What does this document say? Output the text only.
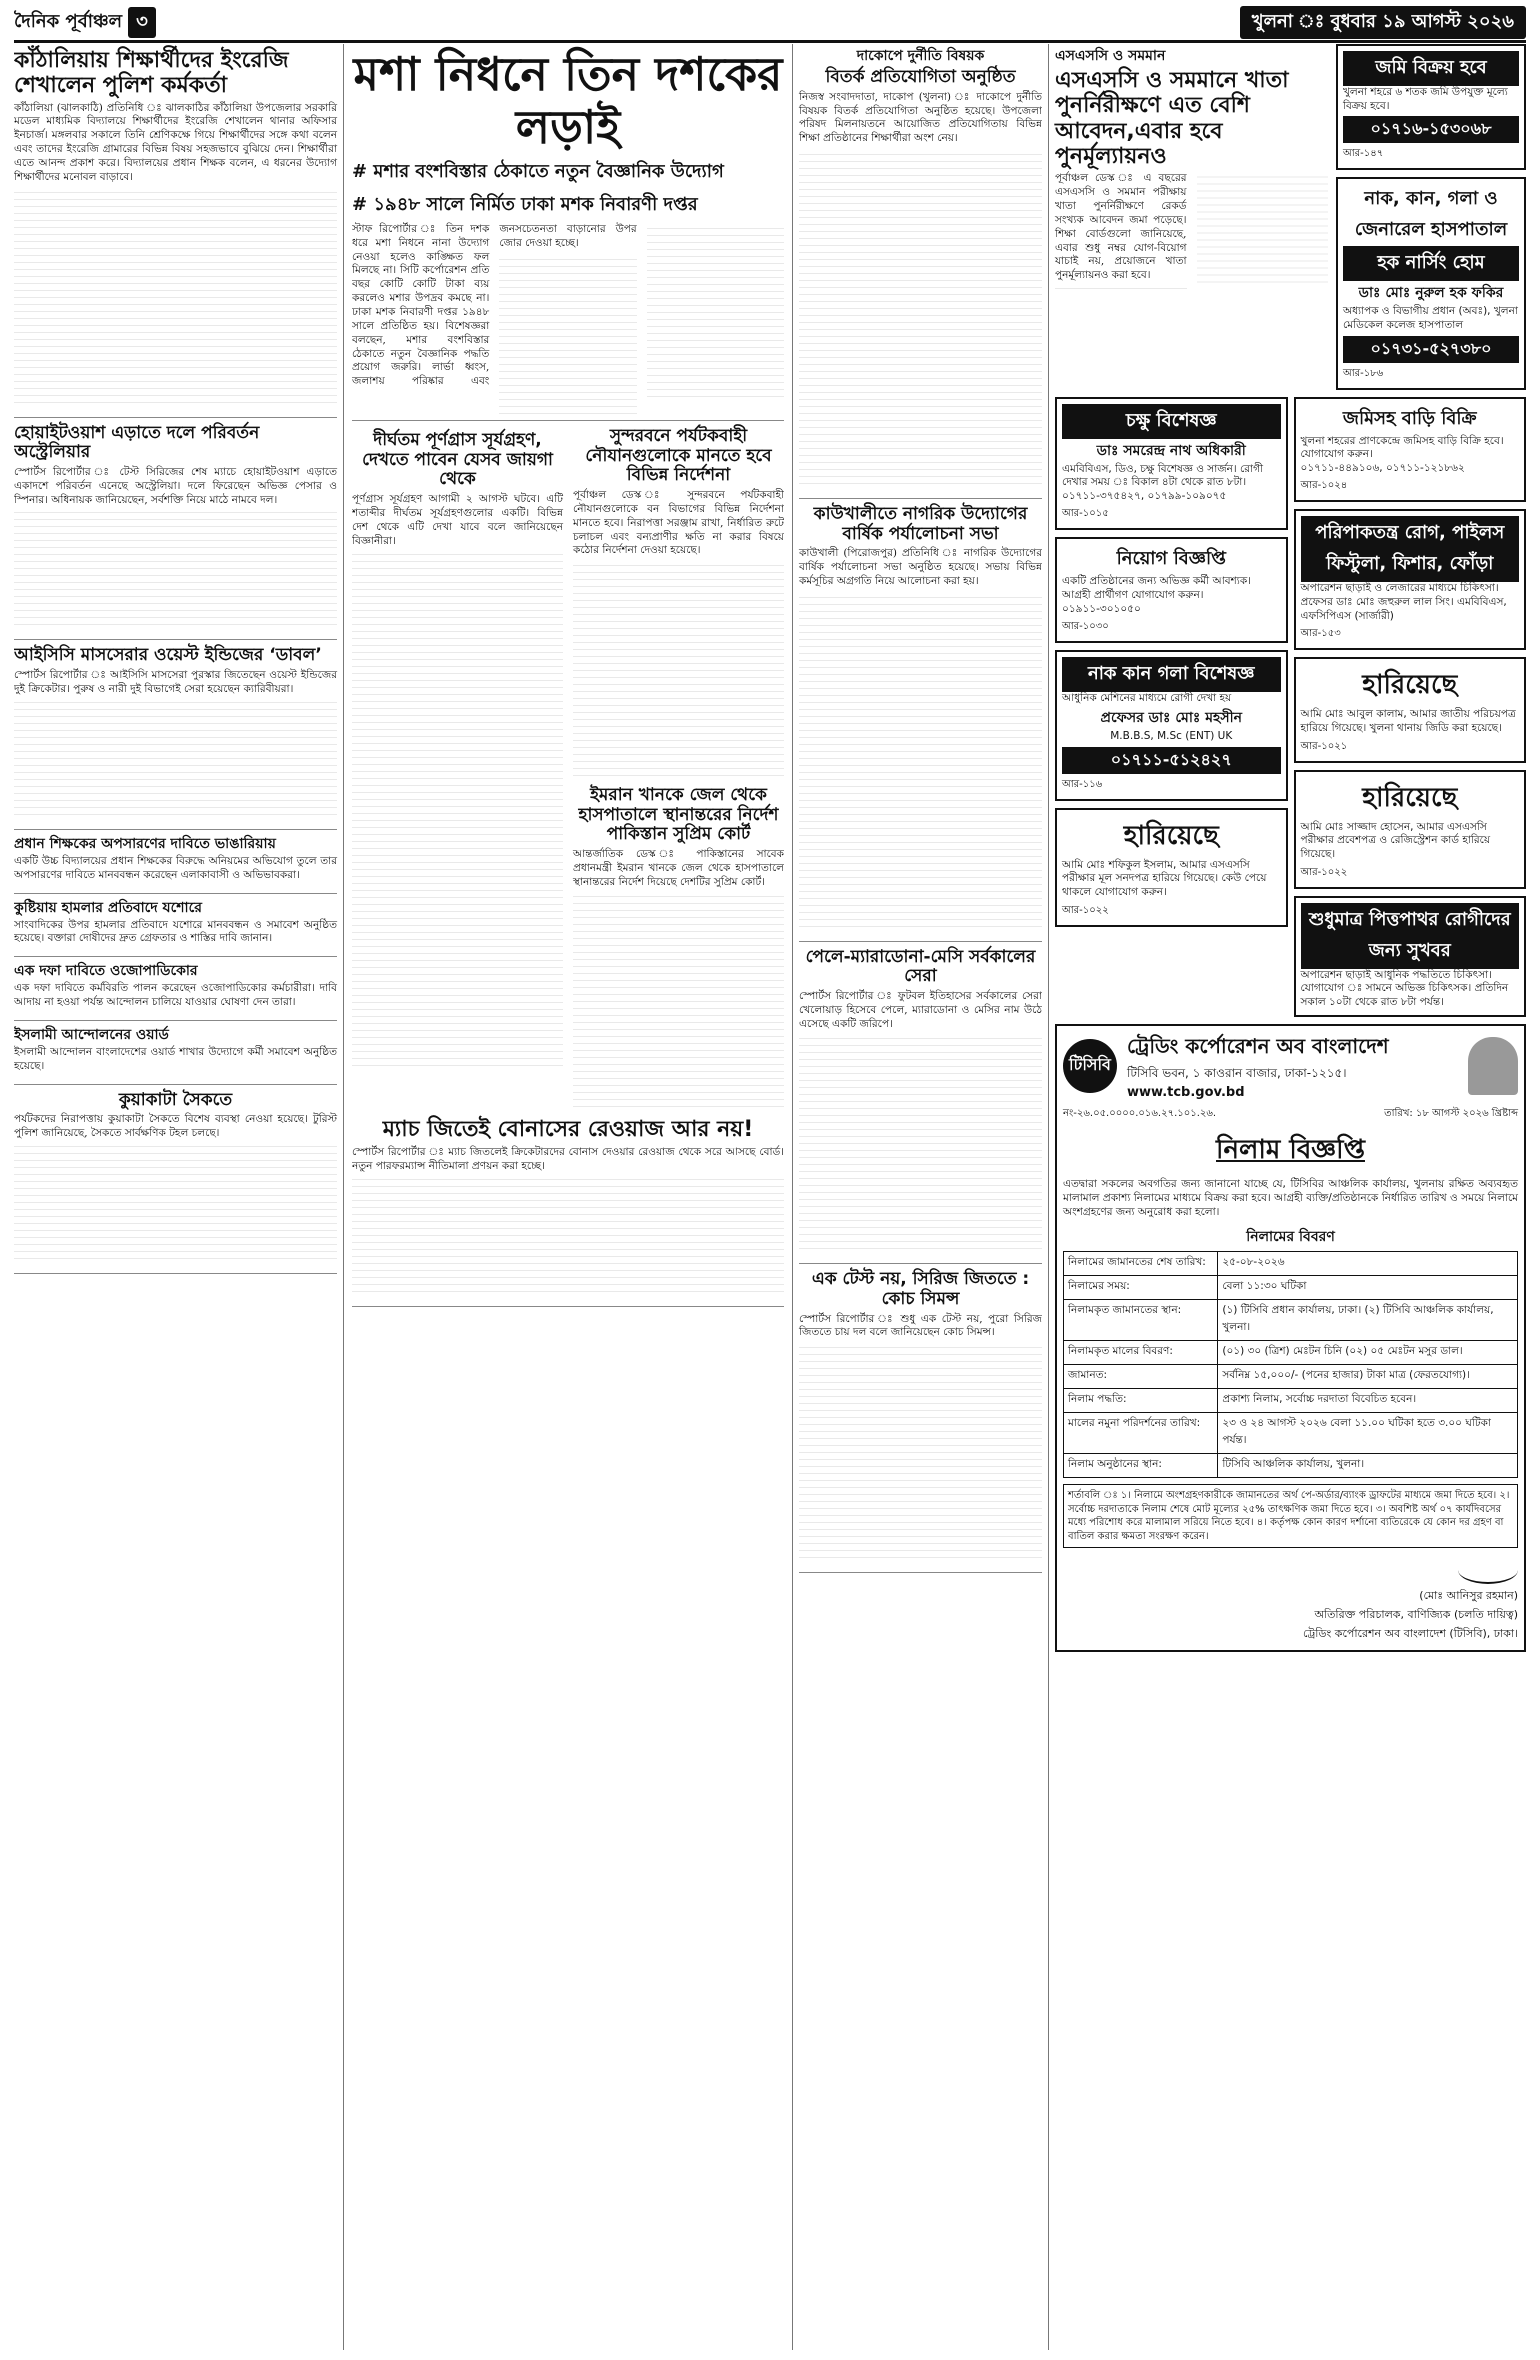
দৈনিক পূর্বাঞ্চল ৩	খুলনা ঃ বুধবার ১৯ আগস্ট ২০২৬
কাঁঠালিয়ায় শিক্ষার্থীদের ইংরেজি শেখালেন পুলিশ কর্মকর্তা

কাঁঠালিয়া (ঝালকাঠি) প্রতিনিধি ঃ ঝালকাঠির কাঁঠালিয়া উপজেলার সরকারি মডেল মাধ্যমিক বিদ্যালয়ে শিক্ষার্থীদের ইংরেজি শেখালেন থানার অফিসার ইনচার্জ। মঙ্গলবার সকালে তিনি শ্রেণিকক্ষে গিয়ে শিক্ষার্থীদের সঙ্গে কথা বলেন এবং তাদের ইংরেজি গ্রামারের বিভিন্ন বিষয় সহজভাবে বুঝিয়ে দেন। শিক্ষার্থীরা এতে আনন্দ প্রকাশ করে। বিদ্যালয়ের প্রধান শিক্ষক বলেন, এ ধরনের উদ্যোগ শিক্ষার্থীদের মনোবল বাড়াবে।

হোয়াইটওয়াশ এড়াতে দলে পরিবর্তন অস্ট্রেলিয়ার

স্পোর্টস রিপোর্টার ঃ টেস্ট সিরিজের শেষ ম্যাচে হোয়াইটওয়াশ এড়াতে একাদশে পরিবর্তন এনেছে অস্ট্রেলিয়া। দলে ফিরেছেন অভিজ্ঞ পেসার ও স্পিনার। অধিনায়ক জানিয়েছেন, সর্বশক্তি নিয়ে মাঠে নামবে দল।

আইসিসি মাসসেরার ওয়েস্ট ইন্ডিজের ‘ডাবল’

স্পোর্টস রিপোর্টার ঃ আইসিসি মাসসেরা পুরস্কার জিতেছেন ওয়েস্ট ইন্ডিজের দুই ক্রিকেটার। পুরুষ ও নারী দুই বিভাগেই সেরা হয়েছেন ক্যারিবীয়রা।

প্রধান শিক্ষকের অপসারণের দাবিতে ভাঙারিয়ায়

একটি উচ্চ বিদ্যালয়ের প্রধান শিক্ষকের বিরুদ্ধে অনিয়মের অভিযোগ তুলে তার অপসারণের দাবিতে মানববন্ধন করেছেন এলাকাবাসী ও অভিভাবকরা।

কুষ্টিয়ায় হামলার প্রতিবাদে যশোরে

সাংবাদিকের উপর হামলার প্রতিবাদে যশোরে মানববন্ধন ও সমাবেশ অনুষ্ঠিত হয়েছে। বক্তারা দোষীদের দ্রুত গ্রেফতার ও শাস্তির দাবি জানান।

এক দফা দাবিতে ওজোপাডিকোর

এক দফা দাবিতে কর্মবিরতি পালন করেছেন ওজোপাডিকোর কর্মচারীরা। দাবি আদায় না হওয়া পর্যন্ত আন্দোলন চালিয়ে যাওয়ার ঘোষণা দেন তারা।

ইসলামী আন্দোলনের ওয়ার্ড

ইসলামী আন্দোলন বাংলাদেশের ওয়ার্ড শাখার উদ্যোগে কর্মী সমাবেশ অনুষ্ঠিত হয়েছে।

কুয়াকাটা সৈকতে

পর্যটকদের নিরাপত্তায় কুয়াকাটা সৈকতে বিশেষ ব্যবস্থা নেওয়া হয়েছে। টুরিস্ট পুলিশ জানিয়েছে, সৈকতে সার্বক্ষণিক টহল চলছে।

মশা নিধনে তিন দশকের লড়াই
# মশার বংশবিস্তার ঠেকাতে নতুন বৈজ্ঞানিক উদ্যোগ
# ১৯৪৮ সালে নির্মিত ঢাকা মশক নিবারণী দপ্তর

স্টাফ রিপোর্টার ঃ তিন দশক ধরে মশা নিধনে নানা উদ্যোগ নেওয়া হলেও কাঙ্ক্ষিত ফল মিলছে না। সিটি কর্পোরেশন প্রতি বছর কোটি কোটি টাকা ব্যয় করলেও মশার উপদ্রব কমছে না। ঢাকা মশক নিবারণী দপ্তর ১৯৪৮ সালে প্রতিষ্ঠিত হয়। বিশেষজ্ঞরা বলছেন, মশার বংশবিস্তার ঠেকাতে নতুন বৈজ্ঞানিক পদ্ধতি প্রয়োগ জরুরি। লার্ভা ধ্বংস, জলাশয় পরিষ্কার এবং জনসচেতনতা বাড়ানোর উপর জোর দেওয়া হচ্ছে।

দীর্ঘতম পূর্ণগ্রাস সূর্যগ্রহণ, দেখতে পাবেন যেসব জায়গা থেকে

পূর্ণগ্রাস সূর্যগ্রহণ আগামী ২ আগস্ট ঘটবে। এটি শতাব্দীর দীর্ঘতম সূর্যগ্রহণগুলোর একটি। বিভিন্ন দেশ থেকে এটি দেখা যাবে বলে জানিয়েছেন বিজ্ঞানীরা।

সুন্দরবনে পর্যটকবাহী নৌযানগুলোকে মানতে হবে বিভিন্ন নির্দেশনা

পূর্বাঞ্চল ডেস্ক ঃ সুন্দরবনে পর্যটকবাহী নৌযানগুলোকে বন বিভাগের বিভিন্ন নির্দেশনা মানতে হবে। নিরাপত্তা সরঞ্জাম রাখা, নির্ধারিত রুটে চলাচল এবং বন্যপ্রাণীর ক্ষতি না করার বিষয়ে কঠোর নির্দেশনা দেওয়া হয়েছে।

ইমরান খানকে জেল থেকে হাসপাতালে স্থানান্তরের নির্দেশ পাকিস্তান সুপ্রিম কোর্ট

আন্তর্জাতিক ডেস্ক ঃ পাকিস্তানের সাবেক প্রধানমন্ত্রী ইমরান খানকে জেল থেকে হাসপাতালে স্থানান্তরের নির্দেশ দিয়েছে দেশটির সুপ্রিম কোর্ট।

ম্যাচ জিতেই বোনাসের রেওয়াজ আর নয়!

স্পোর্টস রিপোর্টার ঃ ম্যাচ জিতলেই ক্রিকেটারদের বোনাস দেওয়ার রেওয়াজ থেকে সরে আসছে বোর্ড। নতুন পারফরম্যান্স নীতিমালা প্রণয়ন করা হচ্ছে।

দাকোপে দুর্নীতি বিষয়ক
বিতর্ক প্রতিযোগিতা অনুষ্ঠিত

নিজস্ব সংবাদদাতা, দাকোপ (খুলনা) ঃ দাকোপে দুর্নীতি বিষয়ক বিতর্ক প্রতিযোগিতা অনুষ্ঠিত হয়েছে। উপজেলা পরিষদ মিলনায়তনে আয়োজিত প্রতিযোগিতায় বিভিন্ন শিক্ষা প্রতিষ্ঠানের শিক্ষার্থীরা অংশ নেয়।

কাউখালীতে নাগরিক উদ্যোগের বার্ষিক পর্যালোচনা সভা

কাউখালী (পিরোজপুর) প্রতিনিধি ঃ নাগরিক উদ্যোগের বার্ষিক পর্যালোচনা সভা অনুষ্ঠিত হয়েছে। সভায় বিভিন্ন কর্মসূচির অগ্রগতি নিয়ে আলোচনা করা হয়।

পেলে-ম্যারাডোনা-মেসি সর্বকালের সেরা

স্পোর্টস রিপোর্টার ঃ ফুটবল ইতিহাসের সর্বকালের সেরা খেলোয়াড় হিসেবে পেলে, ম্যারাডোনা ও মেসির নাম উঠে এসেছে একটি জরিপে।

এক টেস্ট নয়, সিরিজ জিততে : কোচ সিমন্স

স্পোর্টস রিপোর্টার ঃ শুধু এক টেস্ট নয়, পুরো সিরিজ জিততে চায় দল বলে জানিয়েছেন কোচ সিমন্স।

এসএসসি ও সমমান
এসএসসি ও সমমানে খাতা পুনর্নিরীক্ষণে এত বেশি আবেদন,এবার হবে পুনর্মূল্যায়নও

পূর্বাঞ্চল ডেস্ক ঃ এ বছরের এসএসসি ও সমমান পরীক্ষায় খাতা পুনর্নিরীক্ষণে রেকর্ড সংখ্যক আবেদন জমা পড়েছে। শিক্ষা বোর্ডগুলো জানিয়েছে, এবার শুধু নম্বর যোগ-বিয়োগ যাচাই নয়, প্রয়োজনে খাতা পুনর্মূল্যায়নও করা হবে।

জমি বিক্রয় হবে
খুলনা শহরে ৬ শতক জমি উপযুক্ত মূল্যে বিক্রয় হবে।
০১৭১৬-১৫৩০৬৮
আর-১৪৭
নাক, কান, গলা ও জেনারেল হাসপাতাল
হক নার্সিং হোম
ডাঃ মোঃ নুরুল হক ফকির
অধ্যাপক ও বিভাগীয় প্রধান (অবঃ), খুলনা মেডিকেল কলেজ হাসপাতাল
০১৭৩১-৫২৭৩৮০
আর-১৮৬
চক্ষু বিশেষজ্ঞ
ডাঃ সমরেন্দ্র নাথ অধিকারী
এমবিবিএস, ডিও, চক্ষু বিশেষজ্ঞ ও সার্জন। রোগী দেখার সময় ঃ বিকাল ৪টা থেকে রাত ৮টা।
০১৭১১-৩৭৫৪২৭, ০১৭৯৯-১০৯০৭৫
আর-১০১৫
নিয়োগ বিজ্ঞপ্তি
একটি প্রতিষ্ঠানের জন্য অভিজ্ঞ কর্মী আবশ্যক। আগ্রহী প্রার্থীগণ যোগাযোগ করুন।
০১৯১১-৩০১০৫০
আর-১০৩০
নাক কান গলা বিশেষজ্ঞ
আধুনিক মেশিনের মাধ্যমে রোগী দেখা হয়
প্রফেসর ডাঃ মোঃ মহসীন
M.B.B.S, M.Sc (ENT) UK
০১৭১১-৫১২৪২৭
আর-১১৬
হারিয়েছে
আমি মোঃ শফিকুল ইসলাম, আমার এসএসসি পরীক্ষার মূল সনদপত্র হারিয়ে গিয়েছে। কেউ পেয়ে থাকলে যোগাযোগ করুন।
আর-১০২২
জমিসহ বাড়ি বিক্রি
খুলনা শহরের প্রাণকেন্দ্রে জমিসহ বাড়ি বিক্রি হবে। যোগাযোগ করুন।
০১৭১১-৪৪৯১০৬, ০১৭১১-১২১৮৬২
আর-১০২৪
পরিপাকতন্ত্র রোগ, পাইলস ফিস্টুলা, ফিশার, ফোঁড়া
অপারেশন ছাড়াই ও লেজারের মাধ্যমে চিকিৎসা। প্রফেসর ডাঃ মোঃ জহুরুল লাল সিং। এমবিবিএস, এফসিপিএস (সার্জারী)
আর-১৫৩
হারিয়েছে
আমি মোঃ আবুল কালাম, আমার জাতীয় পরিচয়পত্র হারিয়ে গিয়েছে। খুলনা থানায় জিডি করা হয়েছে।
আর-১০২১
হারিয়েছে
আমি মোঃ সাজ্জাদ হোসেন, আমার এসএসসি পরীক্ষার প্রবেশপত্র ও রেজিস্ট্রেশন কার্ড হারিয়ে গিয়েছে।
আর-১০২২
শুধুমাত্র পিত্তপাথর রোগীদের জন্য সুখবর
অপারেশন ছাড়াই আধুনিক পদ্ধতিতে চিকিৎসা। যোগাযোগ ঃ সামনে অভিজ্ঞ চিকিৎসক। প্রতিদিন সকাল ১০টা থেকে রাত ৮টা পর্যন্ত।
টিসিবি
ট্রেডিং কর্পোরেশন অব বাংলাদেশ
টিসিবি ভবন, ১ কাওরান বাজার, ঢাকা-১২১৫।
www.tcb.gov.bd
নং-২৬.০৫.০০০০.০১৬.২৭.১০১.২৬.	তারিখ: ১৮ আগস্ট ২০২৬ খ্রিষ্টাব্দ
নিলাম বিজ্ঞপ্তি
এতদ্বারা সকলের অবগতির জন্য জানানো যাচ্ছে যে, টিসিবির আঞ্চলিক কার্যালয়, খুলনায় রক্ষিত অব্যবহৃত মালামাল প্রকাশ্য নিলামের মাধ্যমে বিক্রয় করা হবে। আগ্রহী ব্যক্তি/প্রতিষ্ঠানকে নির্ধারিত তারিখ ও সময়ে নিলামে অংশগ্রহণের জন্য অনুরোধ করা হলো।
নিলামের বিবরণ
নিলামের জামানতের শেষ তারিখ:	২৫-০৮-২০২৬
নিলামের সময়:	বেলা ১১:৩০ ঘটিকা
নিলামকৃত জামানতের স্থান:	(১) টিসিবি প্রধান কার্যালয়, ঢাকা। (২) টিসিবি আঞ্চলিক কার্যালয়, খুলনা।
নিলামকৃত মালের বিবরণ:	(০১) ৩০ (ত্রিশ) মেঃটন চিনি (০২) ০৫ মেঃটন মসুর ডাল।
জামানত:	সর্বনিম্ন ১৫,০০০/- (পনের হাজার) টাকা মাত্র (ফেরতযোগ্য)।
নিলাম পদ্ধতি:	প্রকাশ্য নিলাম, সর্বোচ্চ দরদাতা বিবেচিত হবেন।
মালের নমুনা পরিদর্শনের তারিখ:	২৩ ও ২৪ আগস্ট ২০২৬ বেলা ১১.০০ ঘটিকা হতে ৩.০০ ঘটিকা পর্যন্ত।
নিলাম অনুষ্ঠানের স্থান:	টিসিবি আঞ্চলিক কার্যালয়, খুলনা।
শর্তাবলি ঃ ১। নিলামে অংশগ্রহণকারীকে জামানতের অর্থ পে-অর্ডার/ব্যাংক ড্রাফটের মাধ্যমে জমা দিতে হবে। ২। সর্বোচ্চ দরদাতাকে নিলাম শেষে মোট মূল্যের ২৫% তাৎক্ষণিক জমা দিতে হবে। ৩। অবশিষ্ট অর্থ ০৭ কার্যদিবসের মধ্যে পরিশোধ করে মালামাল সরিয়ে নিতে হবে। ৪। কর্তৃপক্ষ কোন কারণ দর্শানো ব্যতিরেকে যে কোন দর গ্রহণ বা বাতিল করার ক্ষমতা সংরক্ষণ করেন।
(মোঃ আনিসুর রহমান)
অতিরিক্ত পরিচালক, বাণিজ্যিক (চলতি দায়িত্ব)
ট্রেডিং কর্পোরেশন অব বাংলাদেশ (টিসিবি), ঢাকা।
